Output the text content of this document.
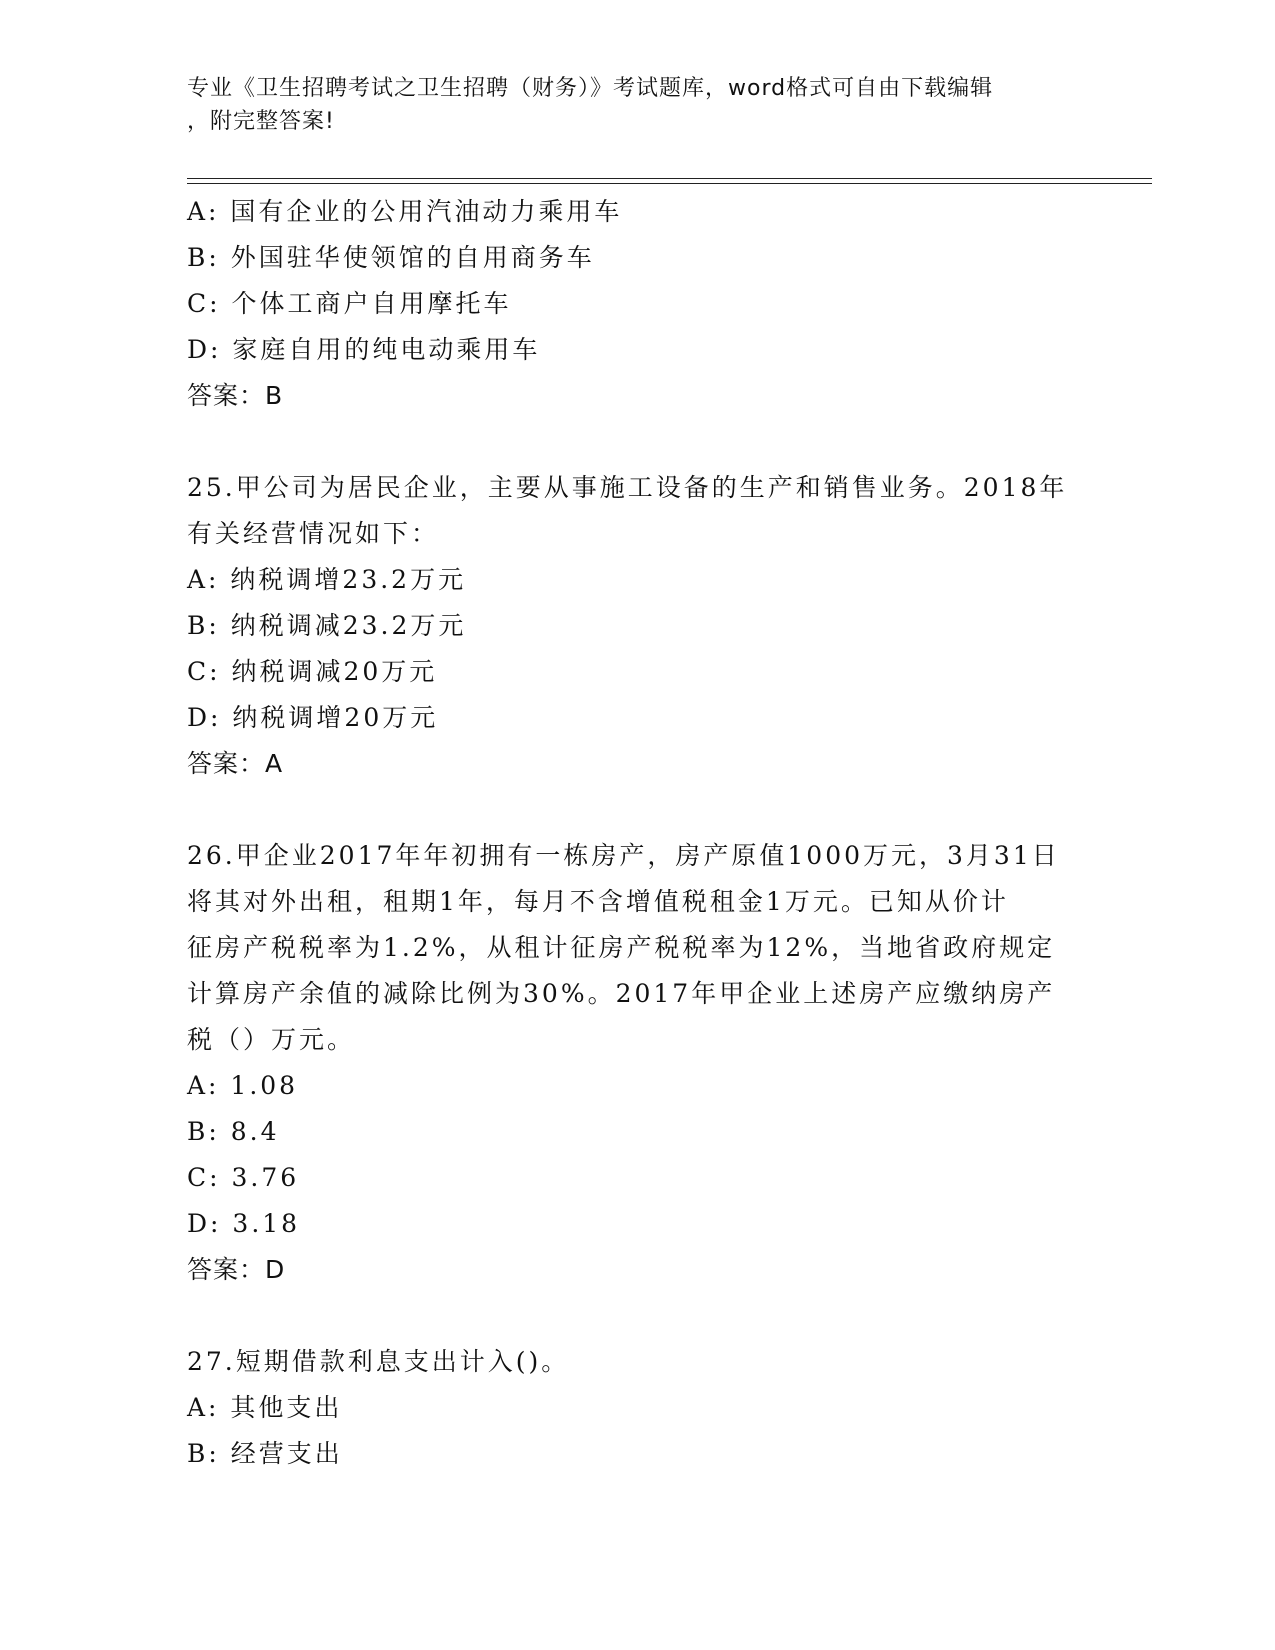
专业《卫生招聘考试之卫生招聘（财务）》考试题库，word格式可自由下载编辑
，附完整答案!
A: 国有企业的公用汽油动力乘用车
B: 外国驻华使领馆的自用商务车
C: 个体工商户自用摩托车
D: 家庭自用的纯电动乘用车
答案：B
25.甲公司为居民企业，主要从事施工设备的生产和销售业务。2018年
有关经营情况如下：
A: 纳税调增23.2万元
B: 纳税调减23.2万元
C: 纳税调减20万元
D: 纳税调增20万元
答案：A
26.甲企业2017年年初拥有一栋房产，房产原值1000万元，3月31日
将其对外出租，租期1年，每月不含增值税租金1万元。已知从价计
征房产税税率为1.2%，从租计征房产税税率为12%，当地省政府规定
计算房产余值的减除比例为30%。2017年甲企业上述房产应缴纳房产
税（）万元。
A: 1.08
B: 8.4
C: 3.76
D: 3.18
答案：D
27.短期借款利息支出计入()。
A: 其他支出
B: 经营支出
